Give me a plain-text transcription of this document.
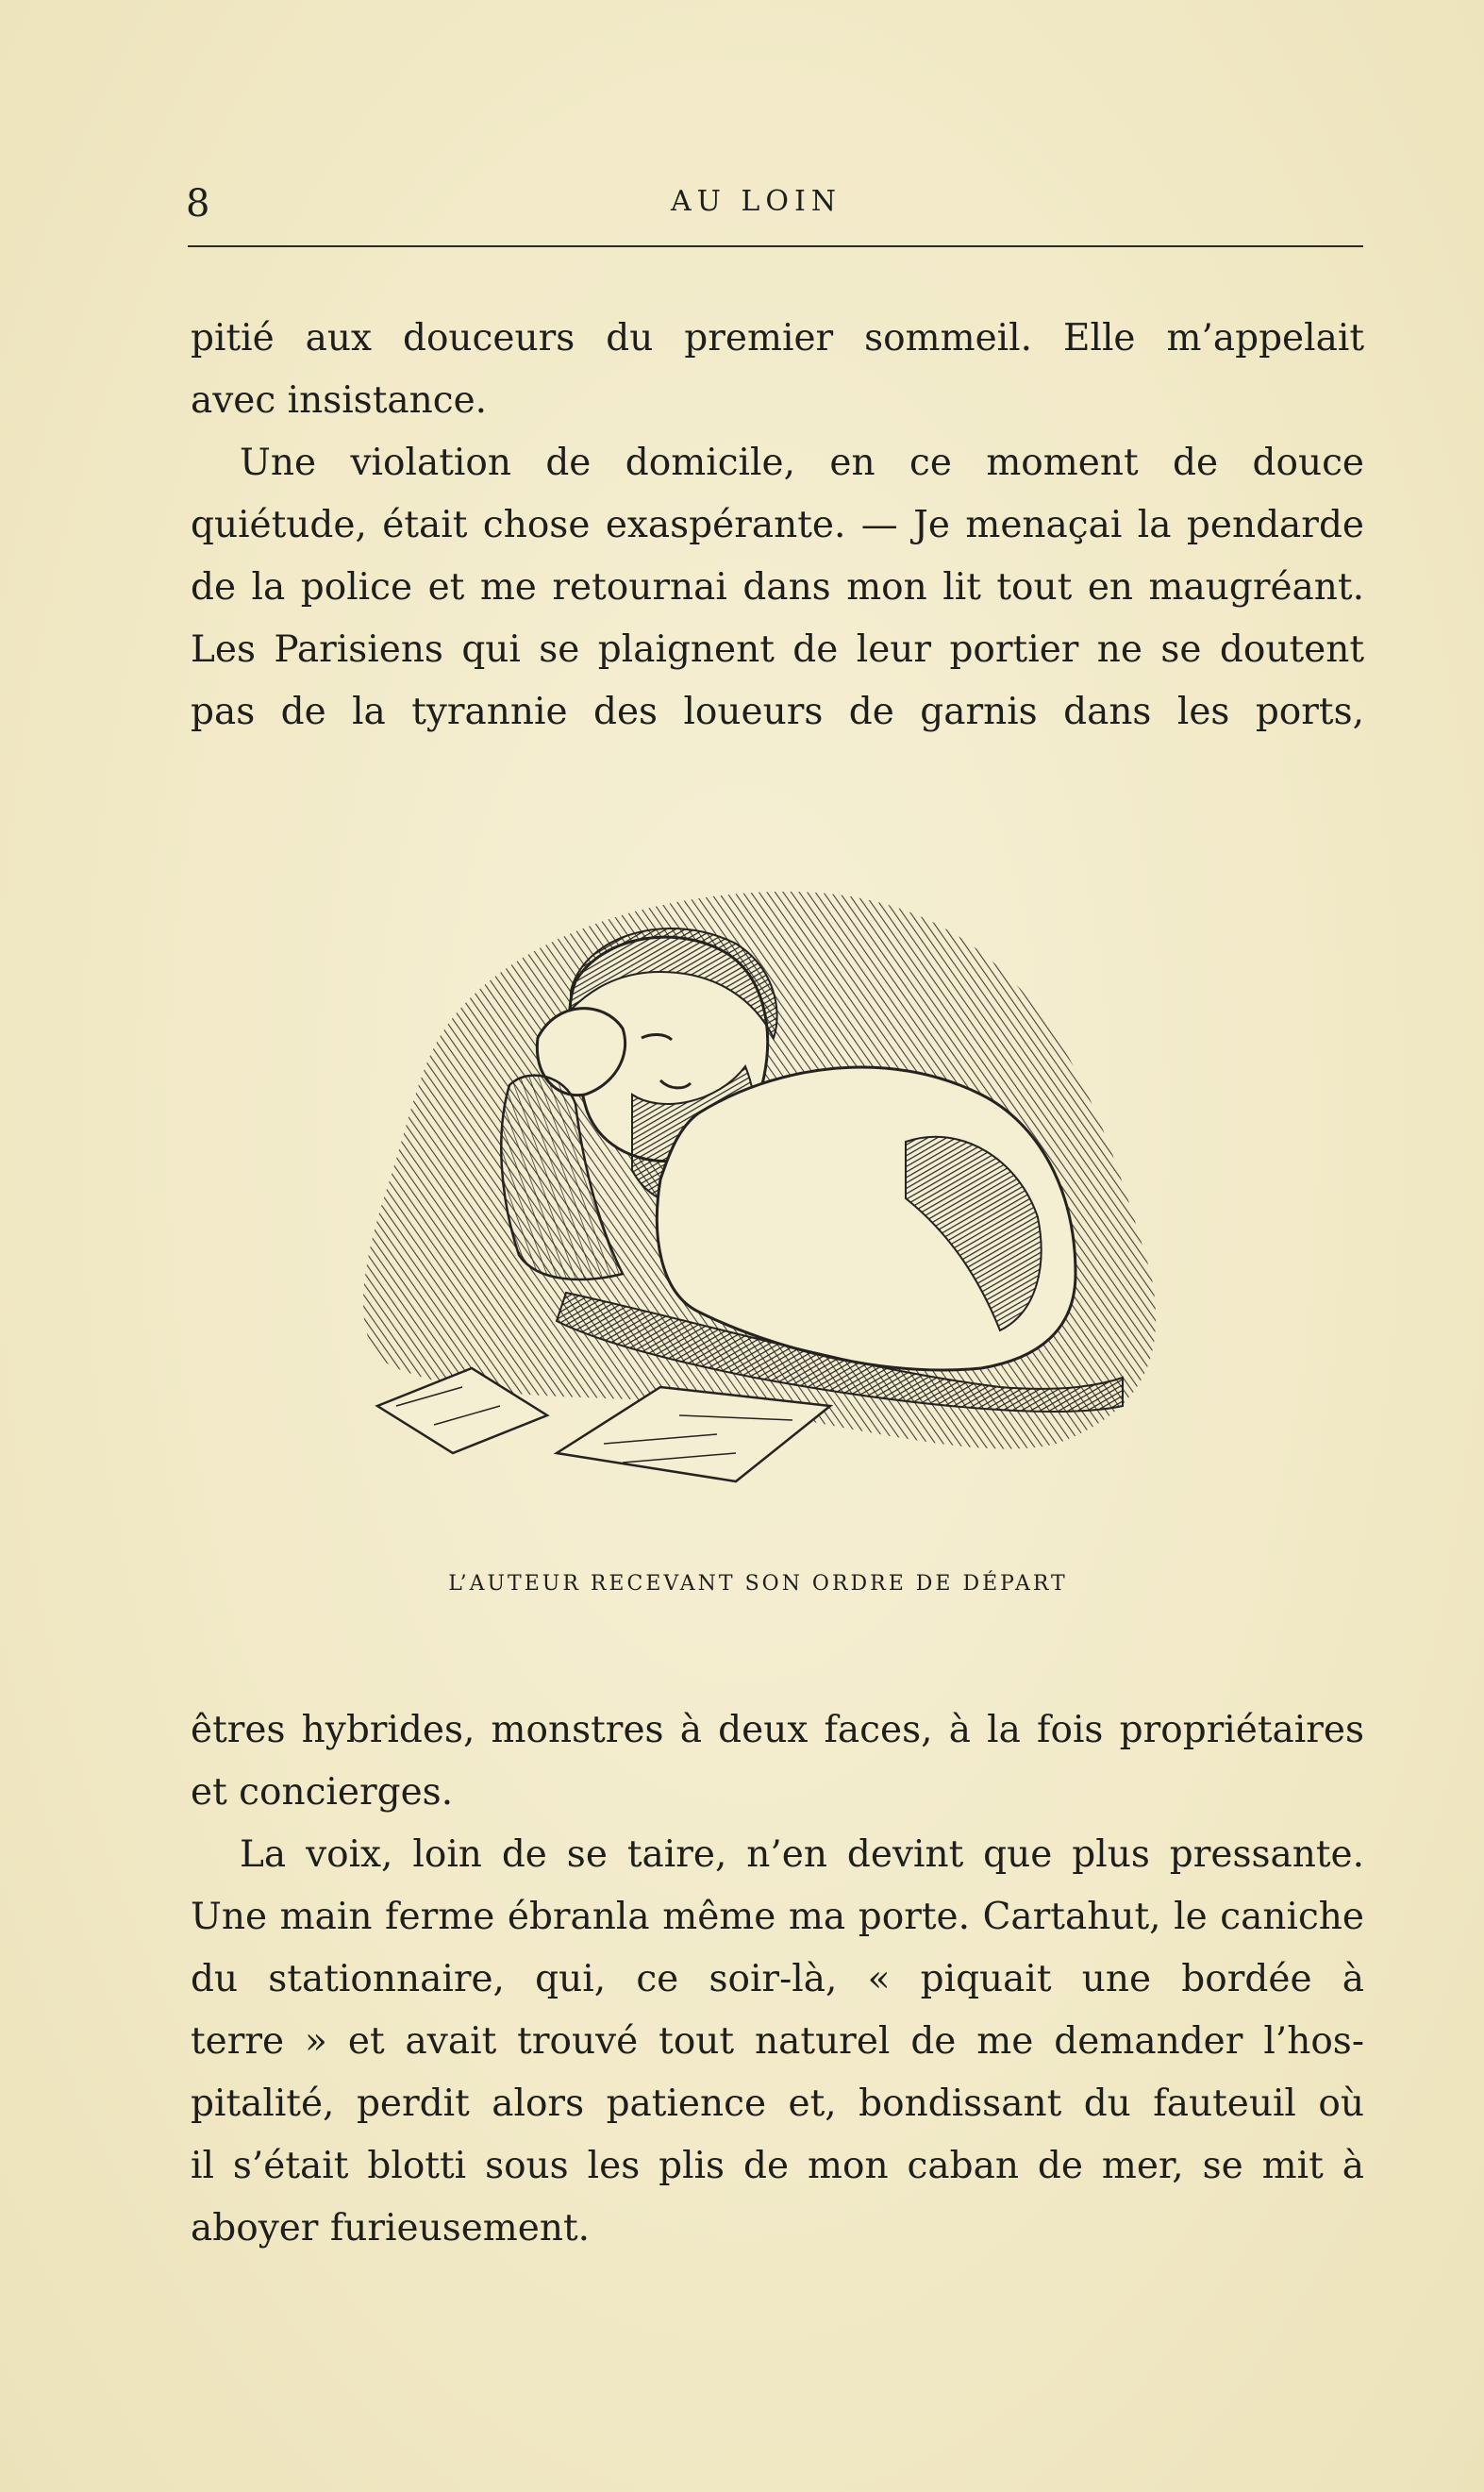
8	AU LOIN
pitié aux douceurs du premier sommeil. Elle m’appelait
avec insistance.
Une violation de domicile, en ce moment de douce
quiétude, était chose exaspérante. — Je menaçai la pendarde
de la police et me retournai dans mon lit tout en maugréant.
Les Parisiens qui se plaignent de leur portier ne se doutent
pas de la tyrannie des loueurs de garnis dans les ports,
L’AUTEUR RECEVANT SON ORDRE DE DÉPART
êtres hybrides, monstres à deux faces, à la fois propriétaires
et concierges.
La voix, loin de se taire, n’en devint que plus pressante.
Une main ferme ébranla même ma porte. Cartahut, le caniche
du stationnaire, qui, ce soir-là, « piquait une bordée à
terre » et avait trouvé tout naturel de me demander l’hos-
pitalité, perdit alors patience et, bondissant du fauteuil où
il s’était blotti sous les plis de mon caban de mer, se mit à
aboyer furieusement.
